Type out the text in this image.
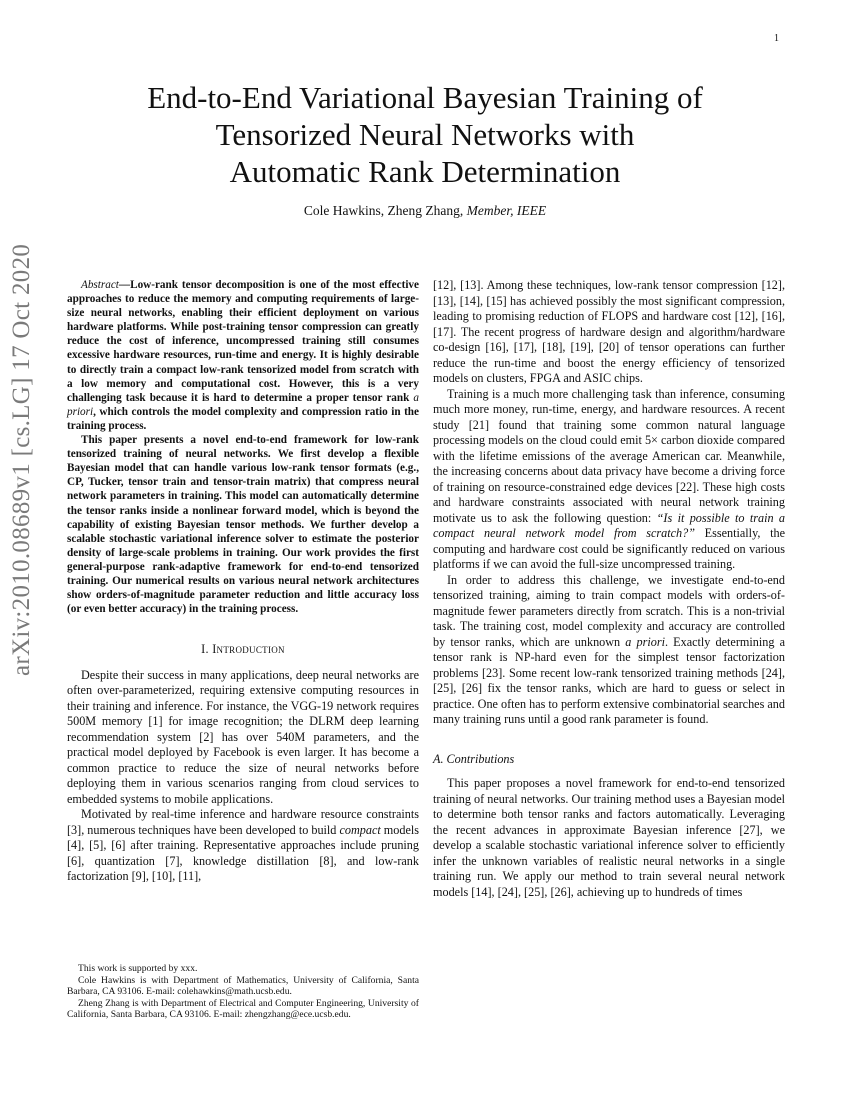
1
arXiv:2010.08689v1 [cs.LG] 17 Oct 2020
End-to-End Variational Bayesian Training of
Tensorized Neural Networks with
Automatic Rank Determination
Cole Hawkins, Zheng Zhang, Member, IEEE

Abstract—Low-rank tensor decomposition is one of the most effective approaches to reduce the memory and computing requirements of large-size neural networks, enabling their efficient deployment on various hardware platforms. While post-training tensor compression can greatly reduce the cost of inference, uncompressed training still consumes excessive hardware resources, run-time and energy. It is highly desirable to directly train a compact low-rank tensorized model from scratch with a low memory and computational cost. However, this is a very challenging task because it is hard to determine a proper tensor rank a priori, which controls the model complexity and compression ratio in the training process.

This paper presents a novel end-to-end framework for low-rank tensorized training of neural networks. We first develop a flexible Bayesian model that can handle various low-rank tensor formats (e.g., CP, Tucker, tensor train and tensor-train matrix) that compress neural network parameters in training. This model can automatically determine the tensor ranks inside a nonlinear forward model, which is beyond the capability of existing Bayesian tensor methods. We further develop a scalable stochastic variational inference solver to estimate the posterior density of large-scale problems in training. Our work provides the first general-purpose rank-adaptive framework for end-to-end tensorized training. Our numerical results on various neural network architectures show orders-of-magnitude parameter reduction and little accuracy loss (or even better accuracy) in the training process.

I. Introduction

Despite their success in many applications, deep neural networks are often over-parameterized, requiring extensive computing resources in their training and inference. For instance, the VGG-19 network requires 500M memory [1] for image recognition; the DLRM deep learning recommendation system [2] has over 540M parameters, and the practical model deployed by Facebook is even larger. It has become a common practice to reduce the size of neural networks before deploying them in various scenarios ranging from cloud services to embedded systems to mobile applications.

Motivated by real-time inference and hardware resource constraints [3], numerous techniques have been developed to build compact models [4], [5], [6] after training. Representative approaches include pruning [6], quantization [7], knowledge distillation [8], and low-rank factorization [9], [10], [11],

This work is supported by xxx.

Cole Hawkins is with Department of Mathematics, University of California, Santa Barbara, CA 93106. E-mail: colehawkins@math.ucsb.edu.

Zheng Zhang is with Department of Electrical and Computer Engineering, University of California, Santa Barbara, CA 93106. E-mail: zhengzhang@ece.ucsb.edu.

[12], [13]. Among these techniques, low-rank tensor compression [12], [13], [14], [15] has achieved possibly the most significant compression, leading to promising reduction of FLOPS and hardware cost [12], [16], [17]. The recent progress of hardware design and algorithm/hardware co-design [16], [17], [18], [19], [20] of tensor operations can further reduce the run-time and boost the energy efficiency of tensorized models on clusters, FPGA and ASIC chips.

Training is a much more challenging task than inference, consuming much more money, run-time, energy, and hardware resources. A recent study [21] found that training some common natural language processing models on the cloud could emit 5× carbon dioxide compared with the lifetime emissions of the average American car. Meanwhile, the increasing concerns about data privacy have become a driving force of training on resource-constrained edge devices [22]. These high costs and hardware constraints associated with neural network training motivate us to ask the following question: “Is it possible to train a compact neural network model from scratch?” Essentially, the computing and hardware cost could be significantly reduced on various platforms if we can avoid the full-size uncompressed training.

In order to address this challenge, we investigate end-to-end tensorized training, aiming to train compact models with orders-of-magnitude fewer parameters directly from scratch. This is a non-trivial task. The training cost, model complexity and accuracy are controlled by tensor ranks, which are unknown a priori. Exactly determining a tensor rank is NP-hard even for the simplest tensor factorization problems [23]. Some recent low-rank tensorized training methods [24], [25], [26] fix the tensor ranks, which are hard to guess or select in practice. One often has to perform extensive combinatorial searches and many training runs until a good rank parameter is found.

A. Contributions

This paper proposes a novel framework for end-to-end tensorized training of neural networks. Our training method uses a Bayesian model to determine both tensor ranks and factors automatically. Leveraging the recent advances in approximate Bayesian inference [27], we develop a scalable stochastic variational inference solver to efficiently infer the unknown variables of realistic neural networks in a single training run. We apply our method to train several neural network models [14], [24], [25], [26], achieving up to hundreds of times
